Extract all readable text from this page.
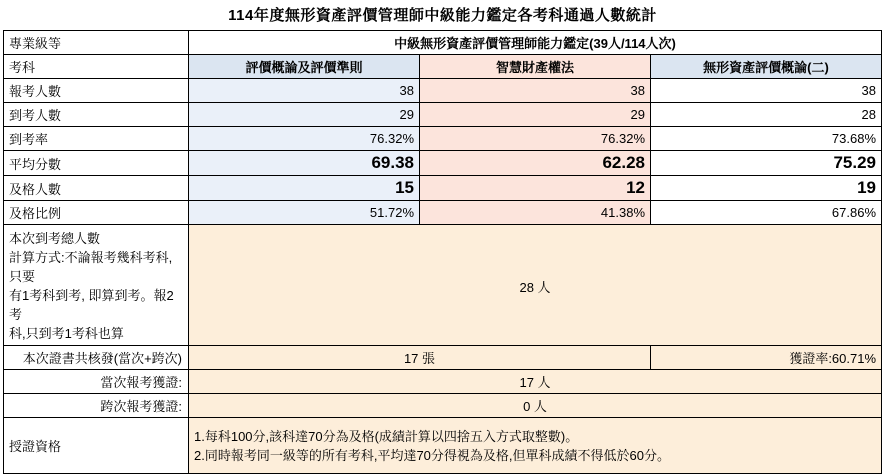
114年度無形資產評價管理師中級能力鑑定各考科通過人數統計
專業級等	中級無形資產評價管理師能力鑑定(39人/114人次)		
考科	評價概論及評價準則	智慧財產權法	無形資產評價概論(二)
報考人數	38	38	38
到考人數	29	29	28
到考率	76.32%	76.32%	73.68%
平均分數	69.38	62.28	75.29
及格人數	15	12	19
及格比例	51.72%	41.38%	67.86%

本次到考總人數
計算方式:不論報考幾科考科,只要
有1考科到考, 即算到考。報2考
科,只到考1考科也算	28 人		
本次證書共核發(當次+跨次)	17 張		獲證率:60.71%
當次報考獲證:	17 人		
跨次報考獲證:	0 人		
授證資格	1.每科100分,該科達70分為及格(成績計算以四捨五入方式取整數)。
2.同時報考同一級等的所有考科,平均達70分得視為及格,但單科成績不得低於60分。		
